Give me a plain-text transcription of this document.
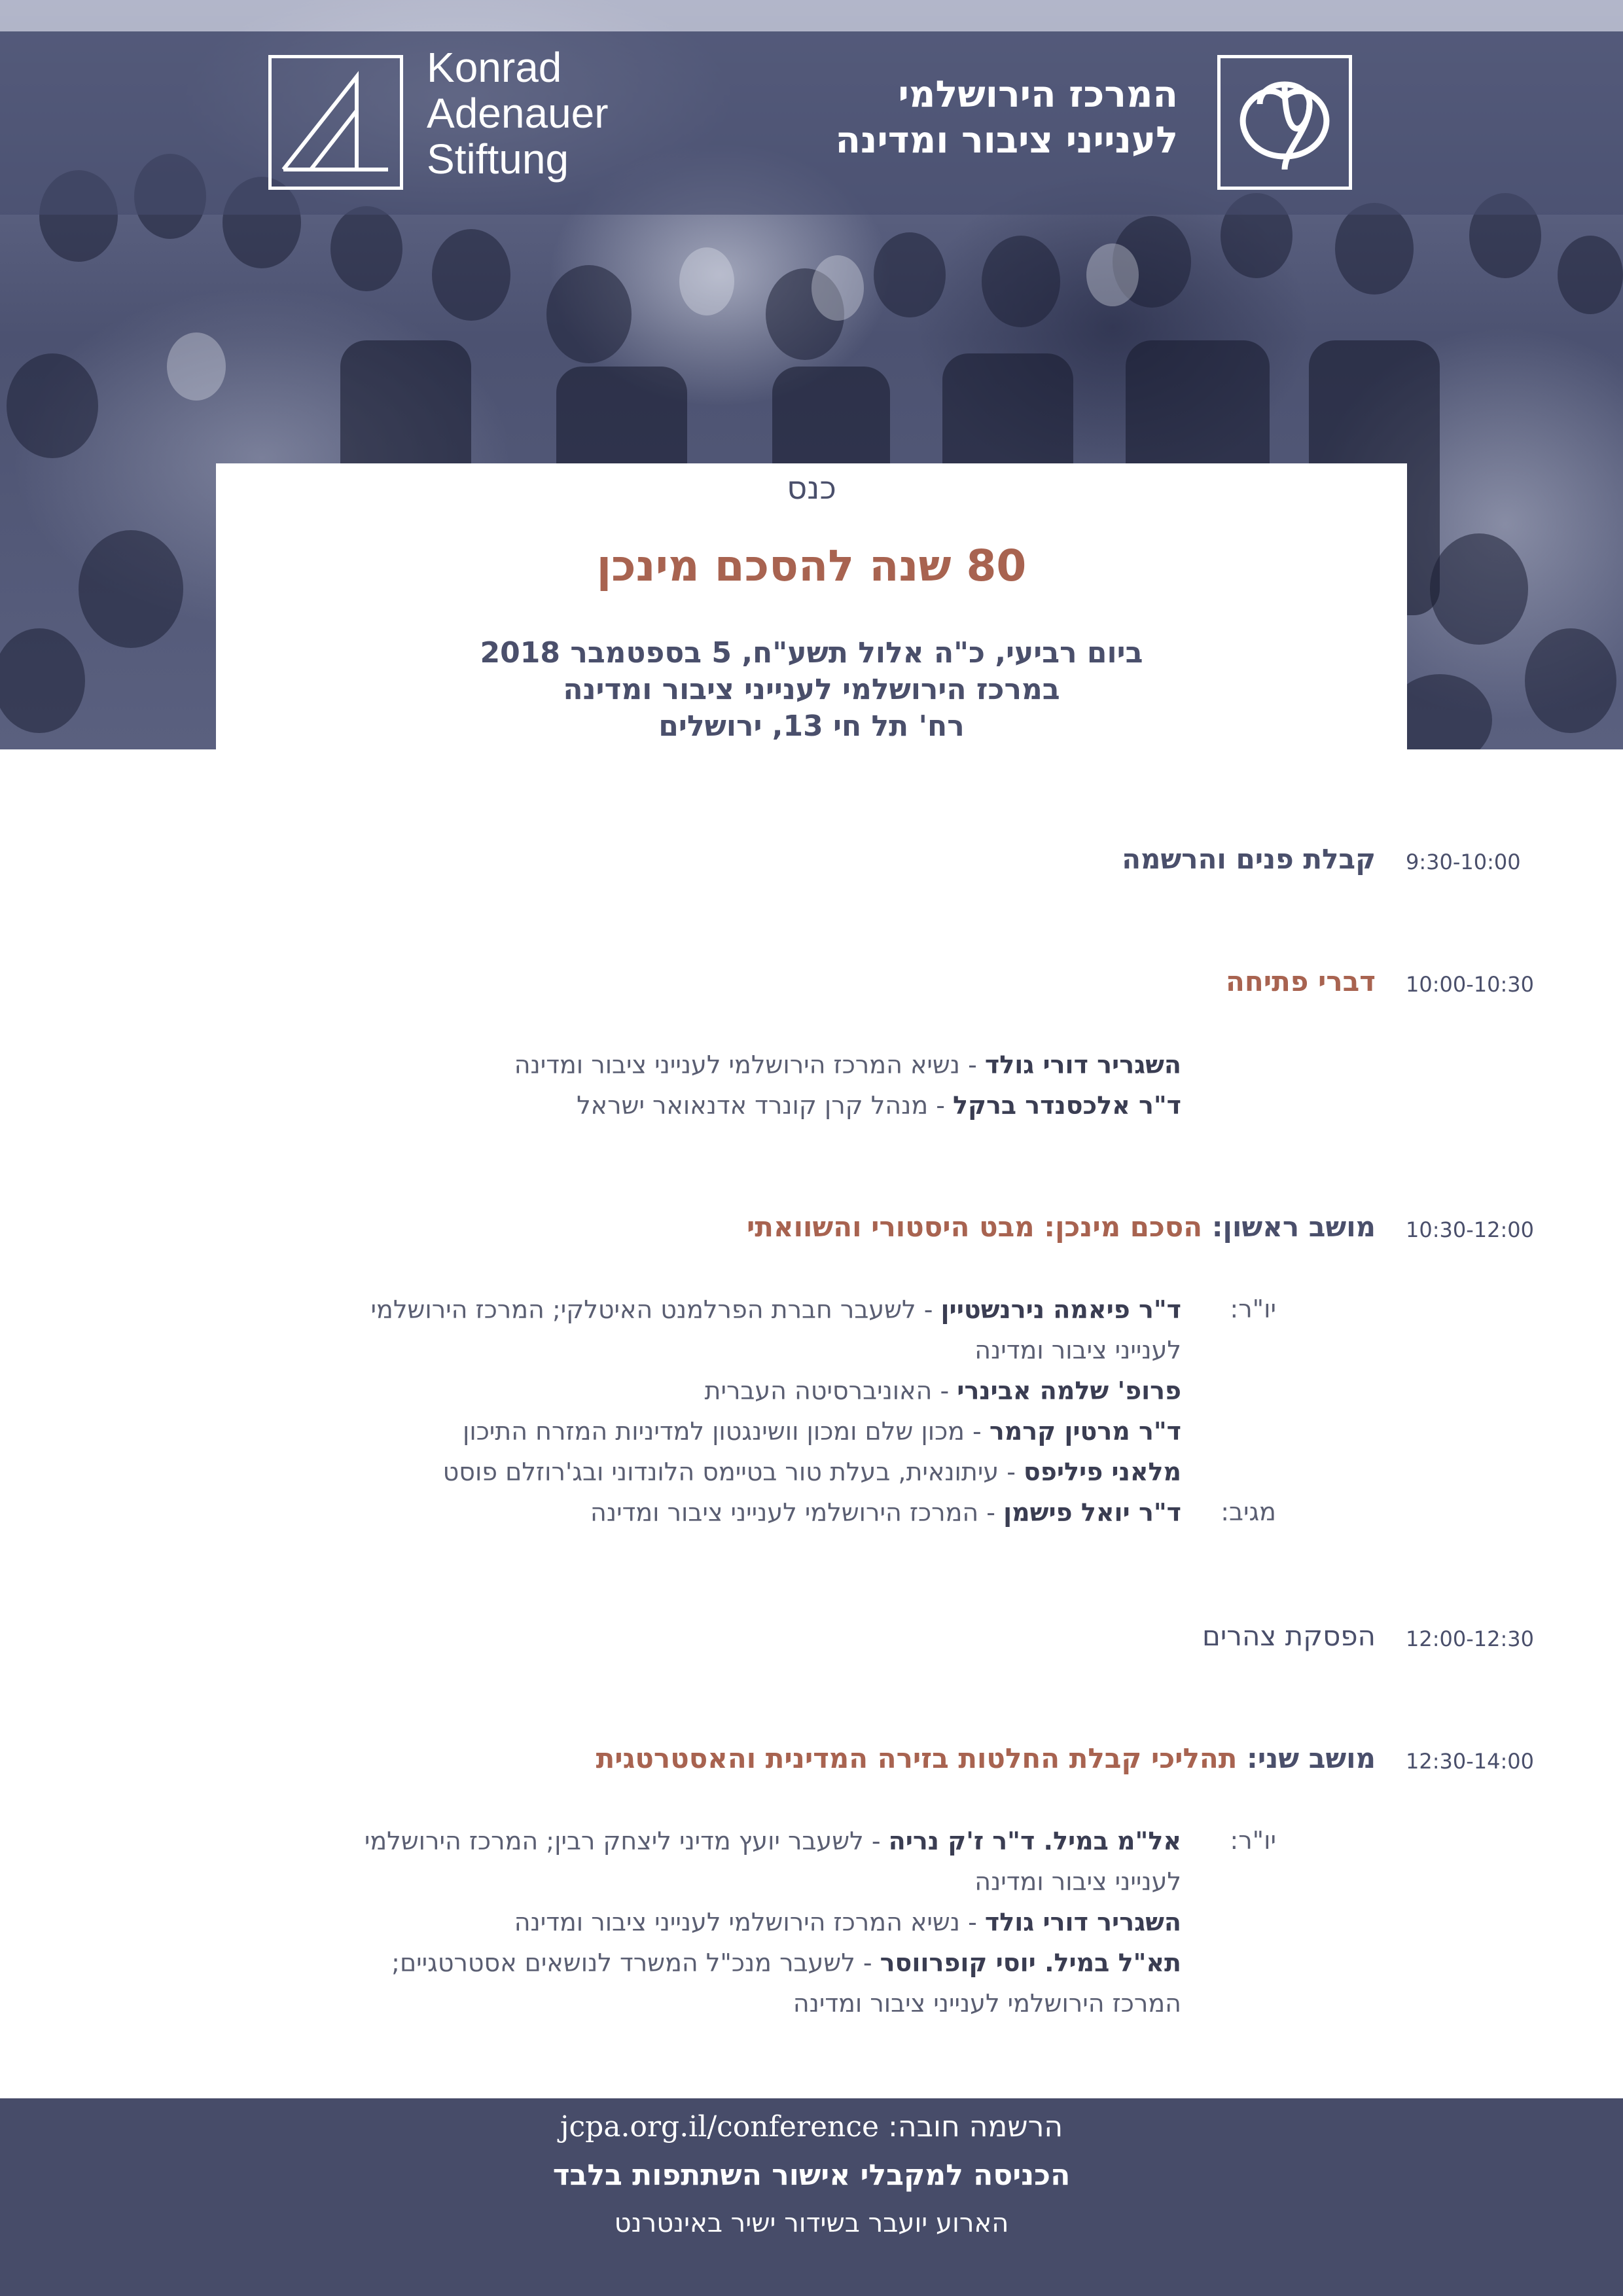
Konrad
Adenauer
Stiftung
המרכז הירושלמי
לענייני ציבור ומדינה
כנס
80 שנה להסכם מינכן
ביום רביעי, כ"ה אלול תשע"ח, 5 בספטמבר 2018
במרכז הירושלמי לענייני ציבור ומדינה
רח' תל חי 13, ירושלים
9:30-10:00
קבלת פנים והרשמה
10:00-10:30
דברי פתיחה
השגריר דורי גולד - נשיא המרכז הירושלמי לענייני ציבור ומדינה
ד"ר אלכסנדר ברקל - מנהל קרן קונרד אדנאואר ישראל
10:30-12:00
מושב ראשון: הסכם מינכן: מבט היסטורי והשוואתי
יו"ר:
ד"ר פיאמה נירנשטיין - לשעבר חברת הפרלמנט האיטלקי; המרכז הירושלמי לענייני ציבור ומדינה
פרופ' שלמה אבינרי - האוניברסיטה העברית
ד"ר מרטין קרמר - מכון שלם ומכון וושינגטון למדיניות המזרח התיכון
מלאני פיליפס - עיתונאית, בעלת טור בטיימס הלונדוני ובג'רוזלם פוסט
ד"ר יואל פישמן - המרכז הירושלמי לענייני ציבור ומדינה	מגיב:
12:00-12:30
הפסקת צהרים
12:30-14:00
מושב שני: תהליכי קבלת החלטות בזירה המדינית והאסטרטגית
יו"ר:
אל"מ במיל. ד"ר ז'ק נריה - לשעבר יועץ מדיני ליצחק רבין; המרכז הירושלמי לענייני ציבור ומדינה
השגריר דורי גולד - נשיא המרכז הירושלמי לענייני ציבור ומדינה
תא"ל במיל. יוסי קופרווסר - לשעבר מנכ"ל המשרד לנושאים אסטרטגיים; המרכז הירושלמי לענייני ציבור ומדינה
הרשמה חובה: jcpa.org.il/conference
הכניסה למקבלי אישור השתתפות בלבד
הארוע יועבר בשידור ישיר באינטרנט
